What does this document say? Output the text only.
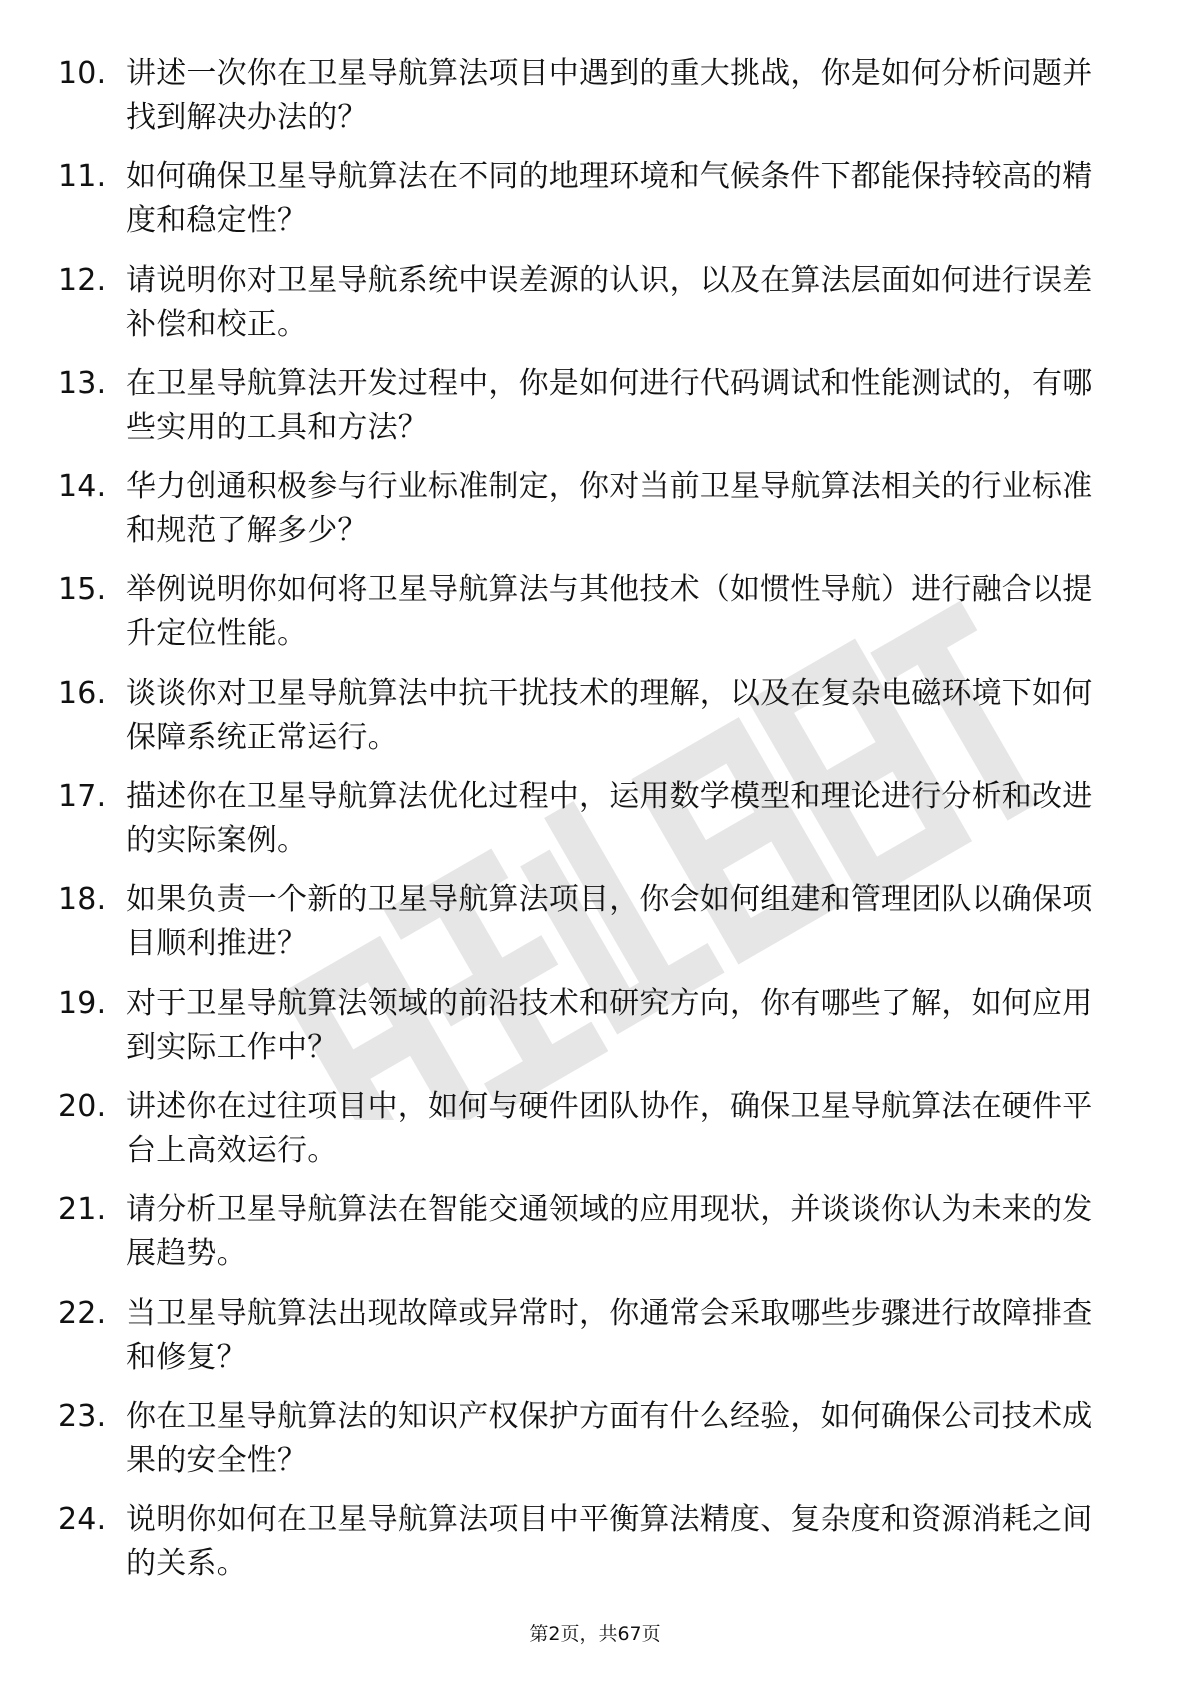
10. 讲述一次你在卫星导航算法项目中遇到的重大挑战，你是如何分析问题并找到解决办法的？
11. 如何确保卫星导航算法在不同的地理环境和气候条件下都能保持较高的精度和稳定性？
12. 请说明你对卫星导航系统中误差源的认识，以及在算法层面如何进行误差补偿和校正。
13. 在卫星导航算法开发过程中，你是如何进行代码调试和性能测试的，有哪些实用的工具和方法？
14. 华力创通积极参与行业标准制定，你对当前卫星导航算法相关的行业标准和规范了解多少？
15. 举例说明你如何将卫星导航算法与其他技术（如惯性导航）进行融合以提升定位性能。
16. 谈谈你对卫星导航算法中抗干扰技术的理解，以及在复杂电磁环境下如何保障系统正常运行。
17. 描述你在卫星导航算法优化过程中，运用数学模型和理论进行分析和改进的实际案例。
18. 如果负责一个新的卫星导航算法项目，你会如何组建和管理团队以确保项目顺利推进？
19. 对于卫星导航算法领域的前沿技术和研究方向，你有哪些了解，如何应用到实际工作中？
20. 讲述你在过往项目中，如何与硬件团队协作，确保卫星导航算法在硬件平台上高效运行。
21. 请分析卫星导航算法在智能交通领域的应用现状，并谈谈你认为未来的发展趋势。
22. 当卫星导航算法出现故障或异常时，你通常会采取哪些步骤进行故障排查和修复？
23. 你在卫星导航算法的知识产权保护方面有什么经验，如何确保公司技术成果的安全性？
24. 说明你如何在卫星导航算法项目中平衡算法精度、复杂度和资源消耗之间的关系。
第2页，共67页
